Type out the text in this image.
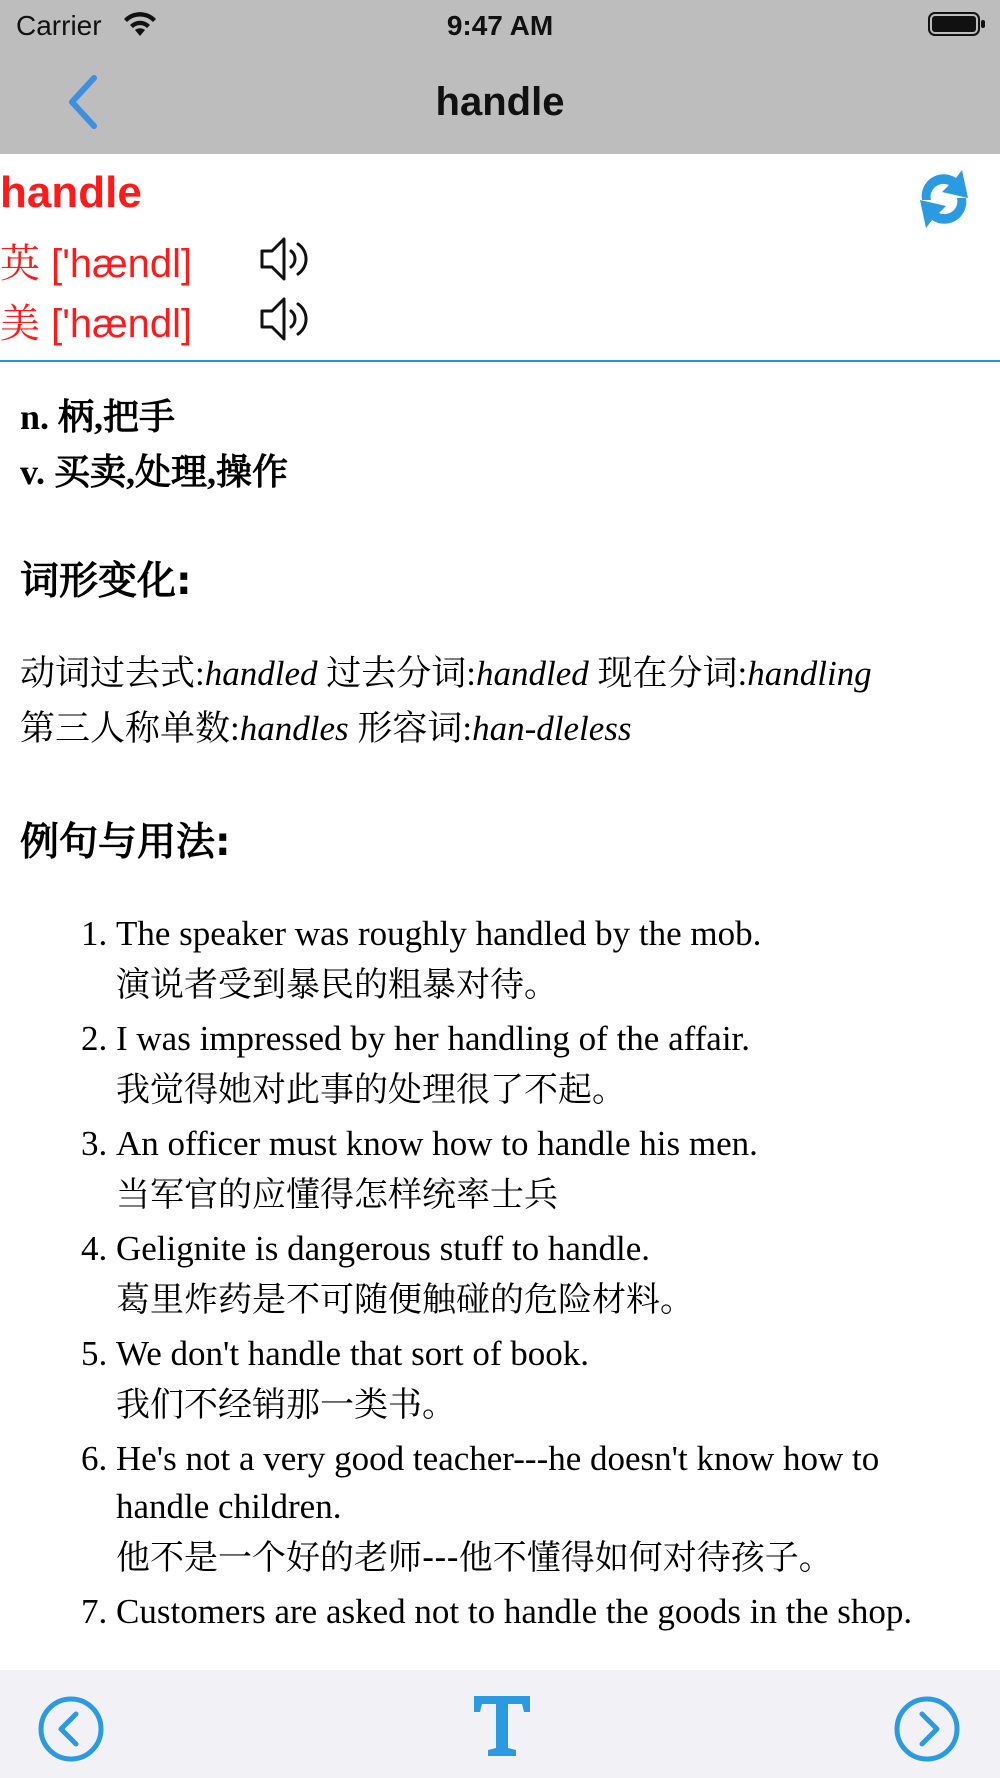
Carrier	9:47 AM
handle
handle
英 ['hændl]
美 ['hændl]

n. 柄,把手

v. 买卖,处理,操作

词形变化:
动词过去式:handled 过去分词:handled 现在分词:handling
第三人称单数:handles 形容词:han-dleless
例句与用法:
1. The speaker was roughly handled by the mob.
演说者受到暴民的粗暴对待。
2. I was impressed by her handling of the affair.
我觉得她对此事的处理很了不起。
3. An officer must know how to handle his men.
当军官的应懂得怎样统率士兵
4. Gelignite is dangerous stuff to handle.
葛里炸药是不可随便触碰的危险材料。
5. We don't handle that sort of book.
我们不经销那一类书。
6. He's not a very good teacher---he doesn't know how to handle children.
他不是一个好的老师---他不懂得如何对待孩子。
7. Customers are asked not to handle the goods in the shop.
